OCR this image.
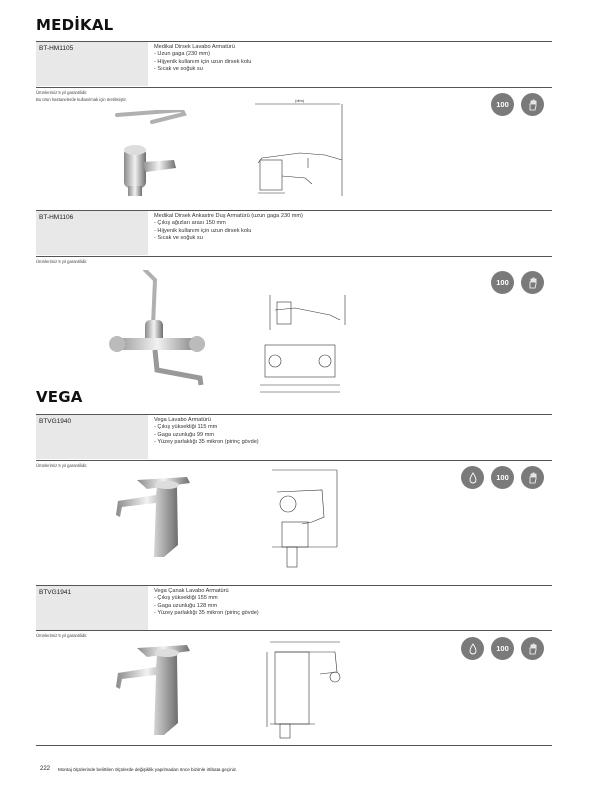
MEDİKAL
BT-HM1105	Medikal Dirsek Lavabo Armatürü
- Uzun gaga (230 mm)
- Hijyenik kullanım için uzun dirsek kolu
- Sıcak ve soğuk su
Ürünlerimiz 5 yıl garantilidir.
Bu ürün hastanelerde kullanılmak için üretilmiştir.
100
(dim)
BT-HM1106	Medikal Dirsek Ankastre Duş Armatürü (uzun gaga 230 mm)
- Çıkış ağızları arası 150 mm
- Hijyenik kullanım için uzun dirsek kolu
- Sıcak ve soğuk su
Ürünlerimiz 5 yıl garantilidir.
100
VEGA
BTVG1940	Vega Lavabo Armatürü
- Çıkış yüksekliği 115 mm
- Gaga uzunluğu 99 mm
- Yüzey parlaklığı 35 mikron (pirinç gövde)
Ürünlerimiz 5 yıl garantilidir.
100
BTVG1941	Vega Çanak Lavabo Armatürü
- Çıkış yüksekliği 155 mm
- Gaga uzunluğu 128 mm
- Yüzey parlaklığı 35 mikron (pirinç gövde)
Ürünlerimiz 5 yıl garantilidir.
100
222 Montaj ölçülerinde belirtilen ölçülerde değişiklik yapılmadan önce bizimle irtibata geçiniz.
